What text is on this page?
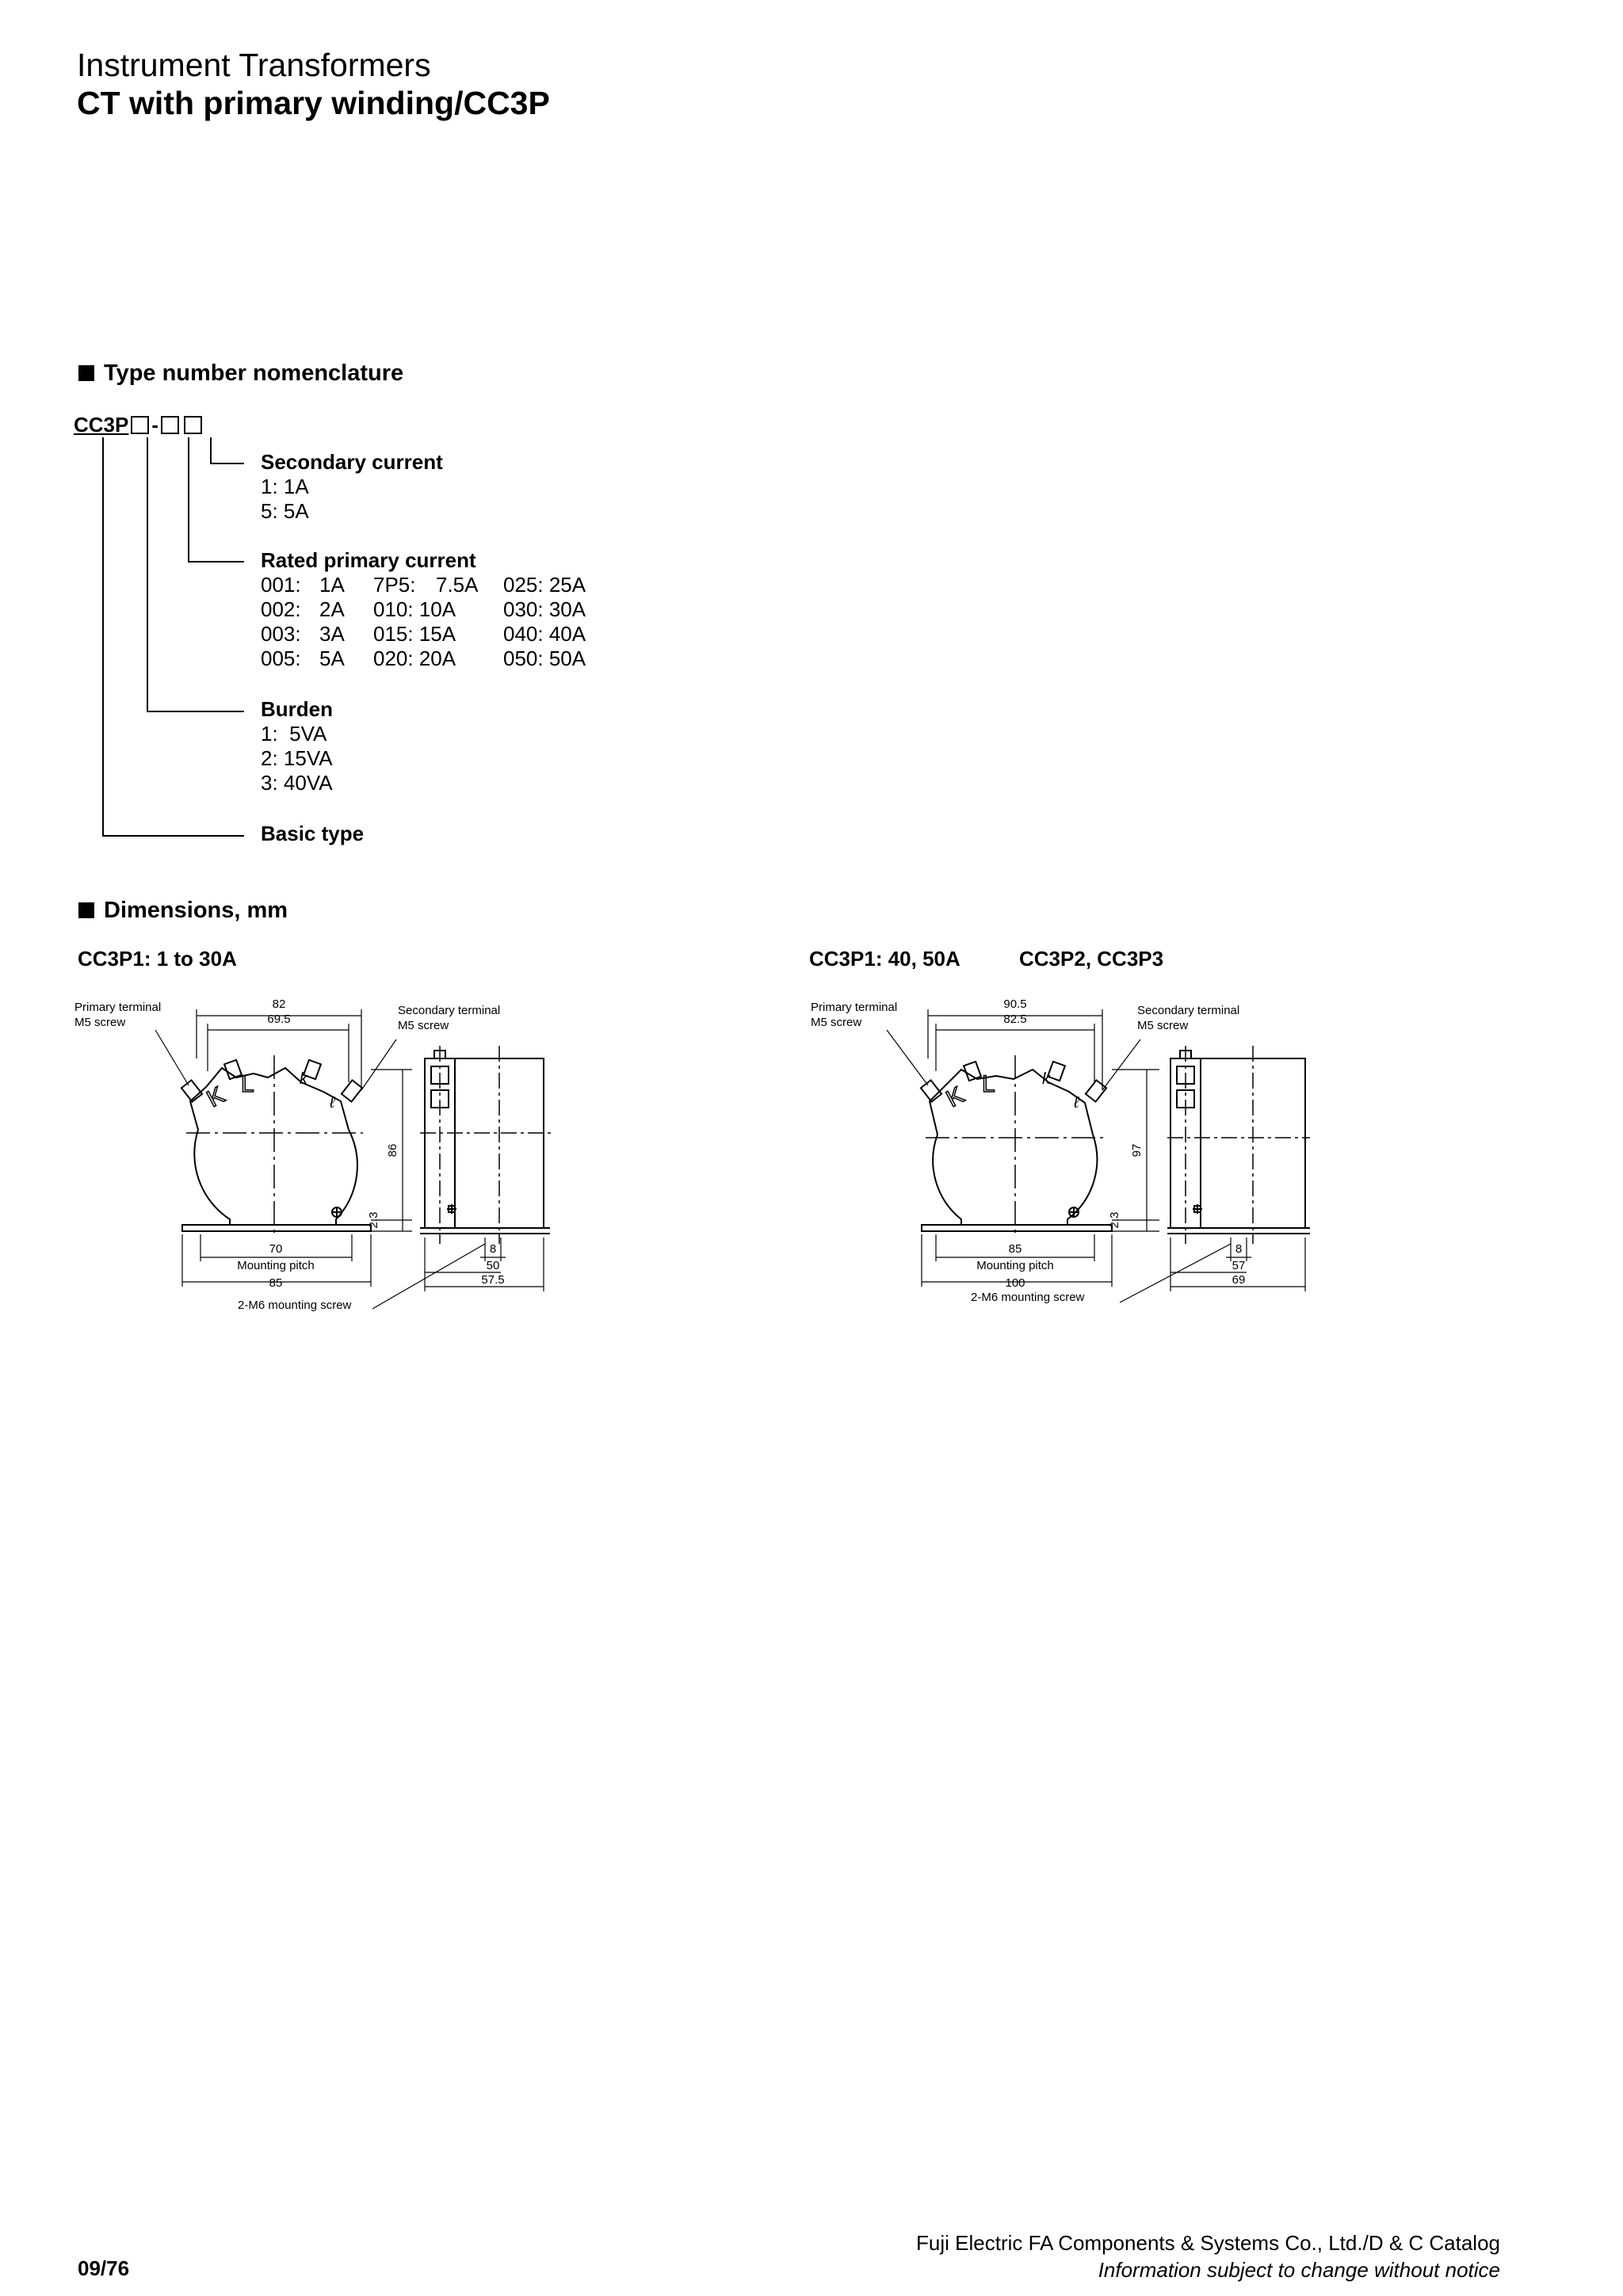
Instrument Transformers
CT with primary winding/CC3P
Type number nomenclature
CC3P -
Secondary current
1: 1A
5: 5A
Rated primary current
001: 1A 7P5: 7.5A 025: 25A
002: 2A 010: 10A 030: 30A
003: 3A 015: 15A 040: 40A
005: 5A 020: 20A 050: 50A
Burden
1:  5VA
2: 15VA
3: 40VA
Basic type
Dimensions, mm
CC3P1: 1 to 30A	CC3P1: 40, 50A	CC3P2, CC3P3
Primary terminal
M5 screw
Secondary terminal
M5 screw
82
69.5
86
2.3
70
Mounting pitch
85
8
50
57.5
2-M6 mounting screw
K L	k
ℓ
Primary terminal
M5 screw
Secondary terminal
M5 screw
90.5
82.5
97
2.3
85
Mounting pitch
100
8
57
69
2-M6 mounting screw
K L	k
ℓ
09/76
Fuji Electric FA Components & Systems Co., Ltd./D & C Catalog
Information subject to change without notice
